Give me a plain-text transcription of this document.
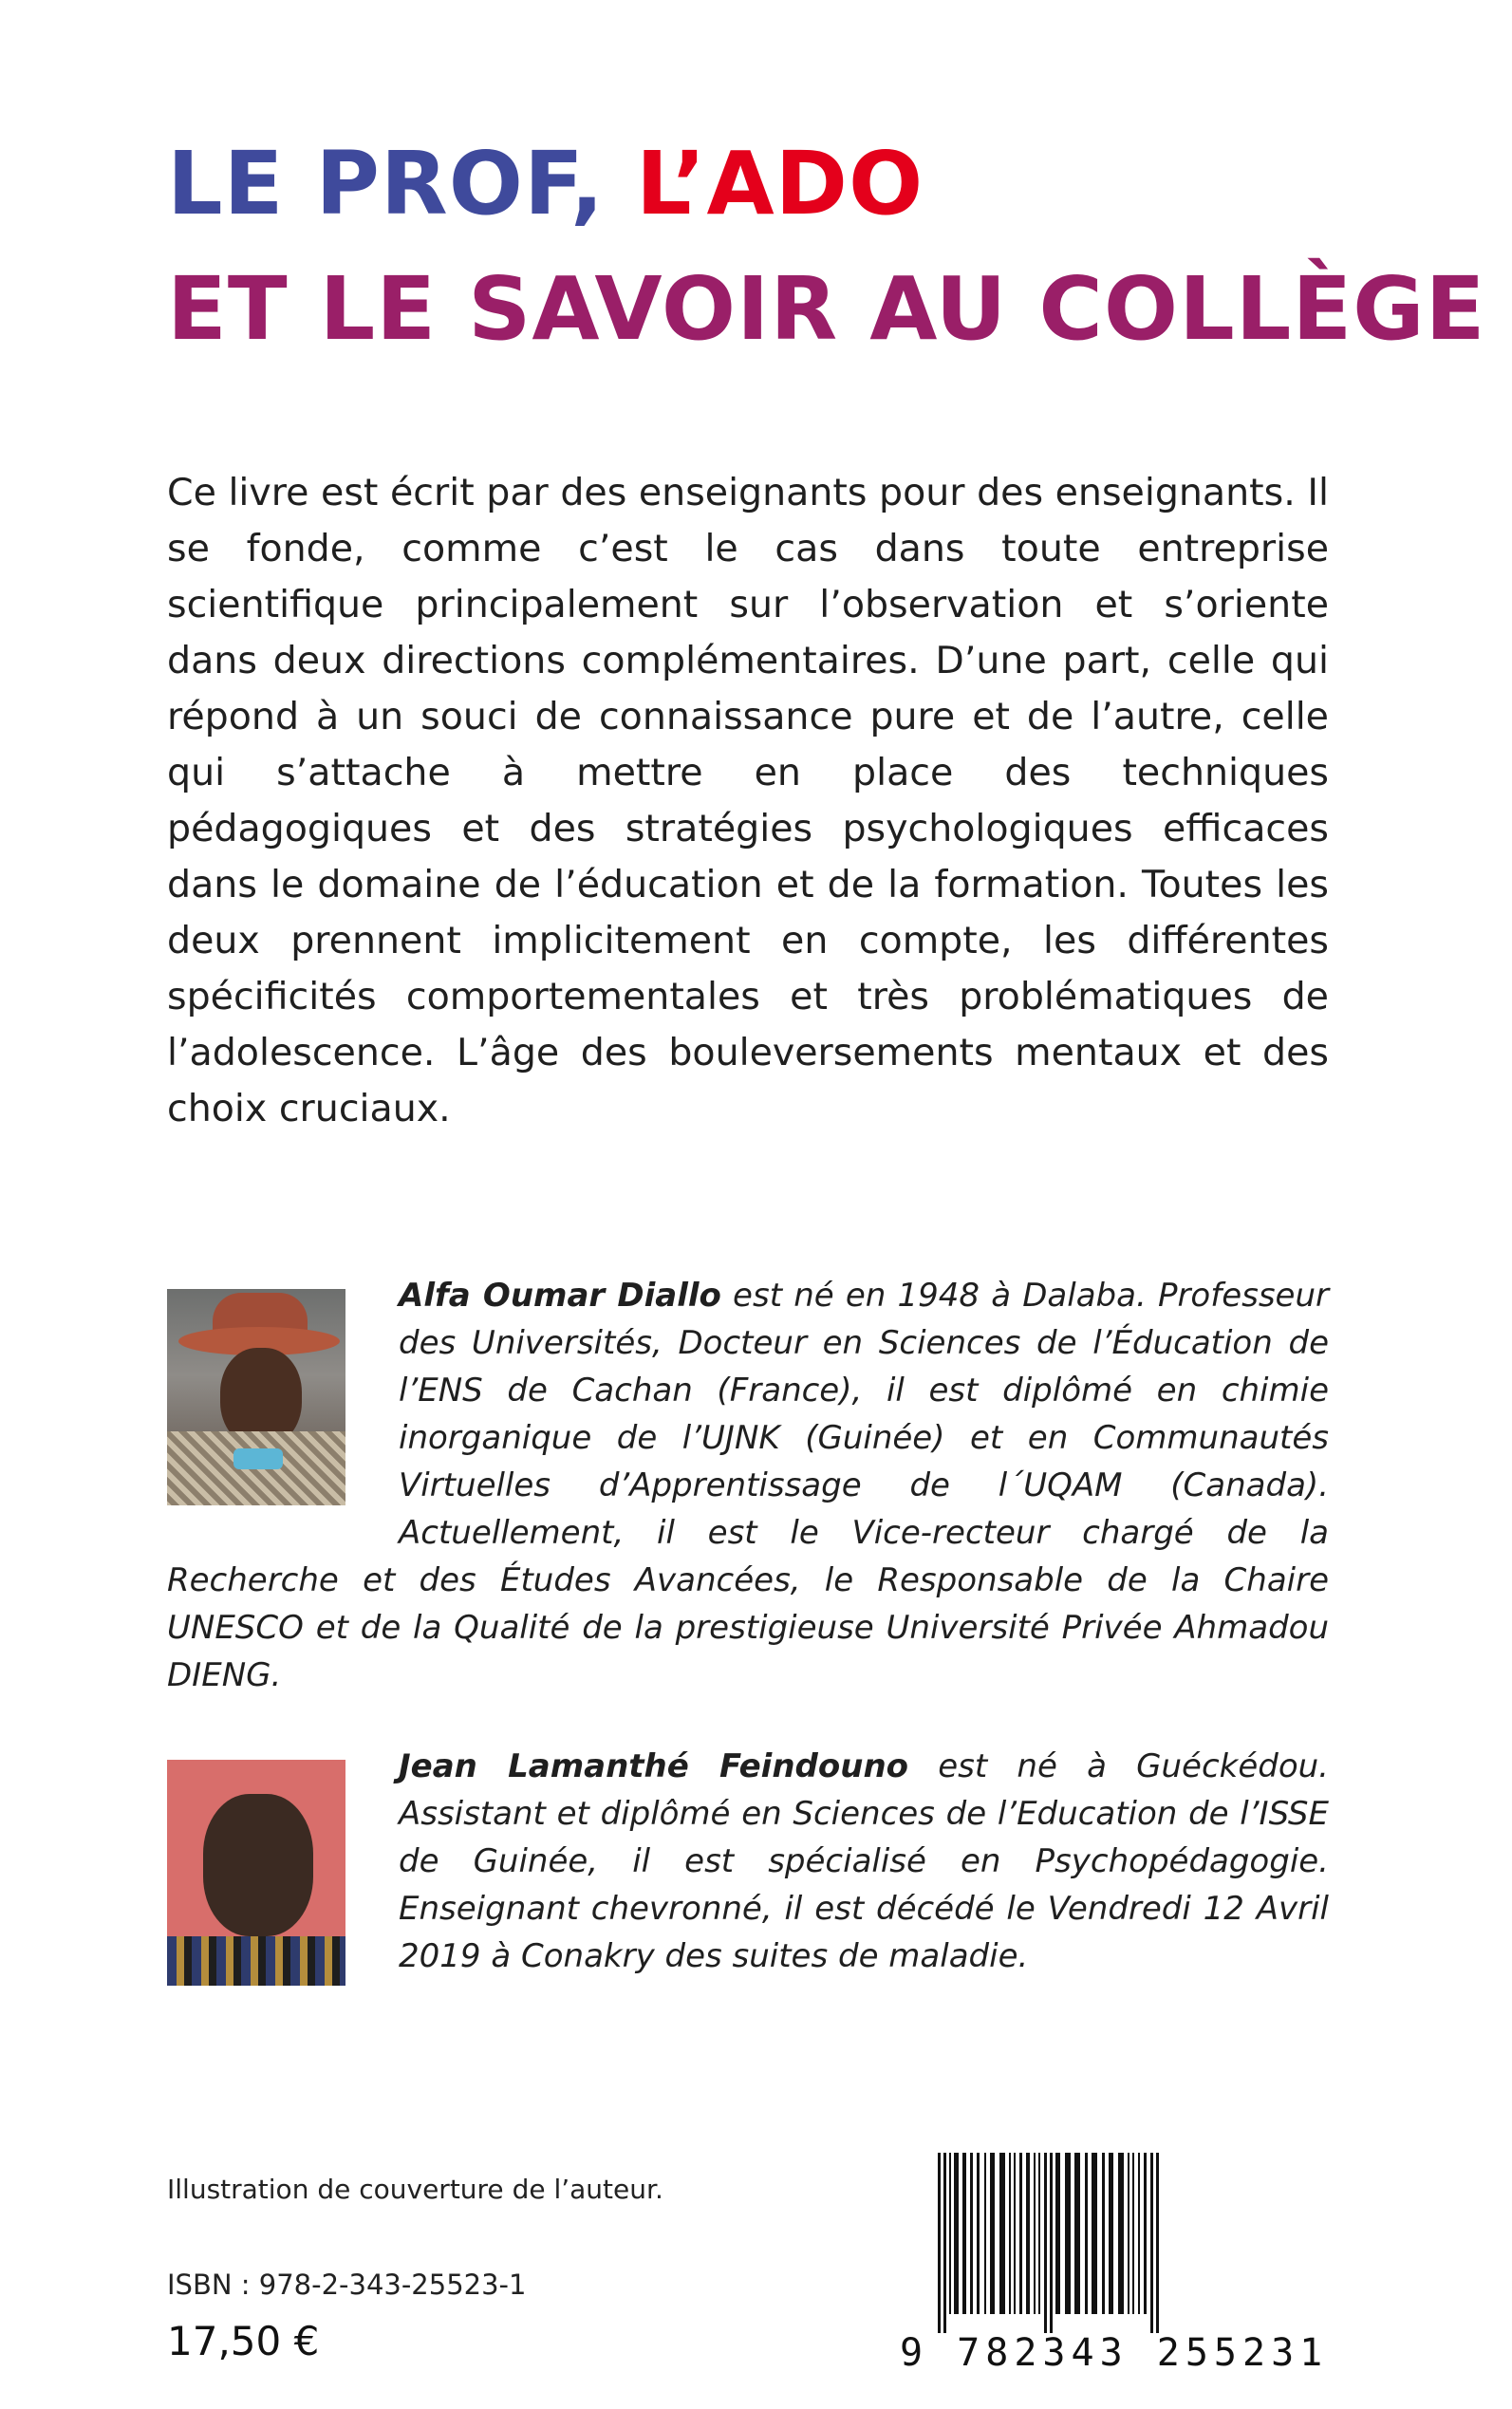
LE PROF, L’ADO
ET LE SAVOIR AU COLLÈGE

Ce livre est écrit par des enseignants pour des enseignants. Il se fonde, comme c’est le cas dans toute entreprise scientifique principalement sur l’observation et s’oriente dans deux directions complémentaires. D’une part, celle qui répond à un souci de connaissance pure et de l’autre, celle qui s’attache à mettre en place des techniques pédagogiques et des stratégies psychologiques efficaces dans le domaine de l’éducation et de la formation. Toutes les deux prennent implicitement en compte, les différentes spécificités comportementales et très problématiques de l’adolescence. L’âge des bouleversements mentaux et des choix cruciaux.

Alfa Oumar Diallo est né en 1948 à Dalaba. Professeur des Universités, Docteur en Sciences de l’Éducation de l’ENS de Cachan (France), il est diplômé en chimie inorganique de l’UJNK (Guinée) et en Communautés Virtuelles d’Apprentissage de l´UQAM (Canada). Actuellement, il est le Vice-recteur chargé de la Recherche et des Études Avancées, le Responsable de la Chaire UNESCO et de la Qualité de la prestigieuse Université Privée Ahmadou DIENG.
Jean Lamanthé Feindouno est né à Guéckédou. Assistant et diplômé en Sciences de l’Education de l’ISSE de Guinée, il est spécialisé en Psychopédagogie. Enseignant chevronné, il est décédé le Vendredi 12 Avril 2019 à Conakry des suites de maladie.

Illustration de couverture de l’auteur.

ISBN : 978-2-343-25523-1

17,50 €	9 782343 255231
